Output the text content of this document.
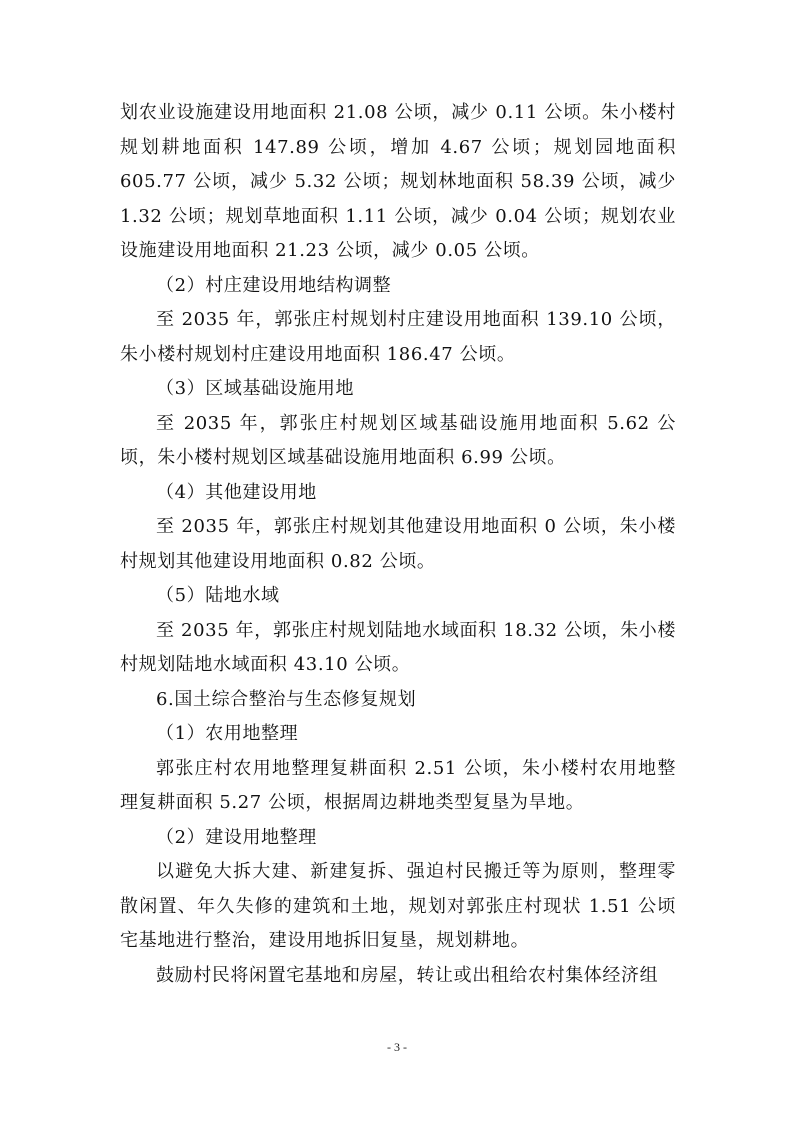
划农业设施建设用地面积 21.08 公顷，减少 0.11 公顷。朱小楼村规划耕地面积 147.89 公顷，增加 4.67 公顷；规划园地面积 605.77 公顷，减少 5.32 公顷；规划林地面积 58.39 公顷，减少 1.32 公顷；规划草地面积 1.11 公顷，减少 0.04 公顷；规划农业设施建设用地面积 21.23 公顷，减少 0.05 公顷。

（2）村庄建设用地结构调整

至 2035 年，郭张庄村规划村庄建设用地面积 139.10 公顷，朱小楼村规划村庄建设用地面积 186.47 公顷。

（3）区域基础设施用地

至 2035 年，郭张庄村规划区域基础设施用地面积 5.62 公顷，朱小楼村规划区域基础设施用地面积 6.99 公顷。

（4）其他建设用地

至 2035 年，郭张庄村规划其他建设用地面积 0 公顷，朱小楼村规划其他建设用地面积 0.82 公顷。

（5）陆地水域

至 2035 年，郭张庄村规划陆地水域面积 18.32 公顷，朱小楼村规划陆地水域面积 43.10 公顷。

6.国土综合整治与生态修复规划

（1）农用地整理

郭张庄村农用地整理复耕面积 2.51 公顷，朱小楼村农用地整理复耕面积 5.27 公顷，根据周边耕地类型复垦为旱地。

（2）建设用地整理

以避免大拆大建、新建复拆、强迫村民搬迁等为原则，整理零散闲置、年久失修的建筑和土地，规划对郭张庄村现状 1.51 公顷宅基地进行整治，建设用地拆旧复垦，规划耕地。

鼓励村民将闲置宅基地和房屋，转让或出租给农村集体经济组

- 3 -
